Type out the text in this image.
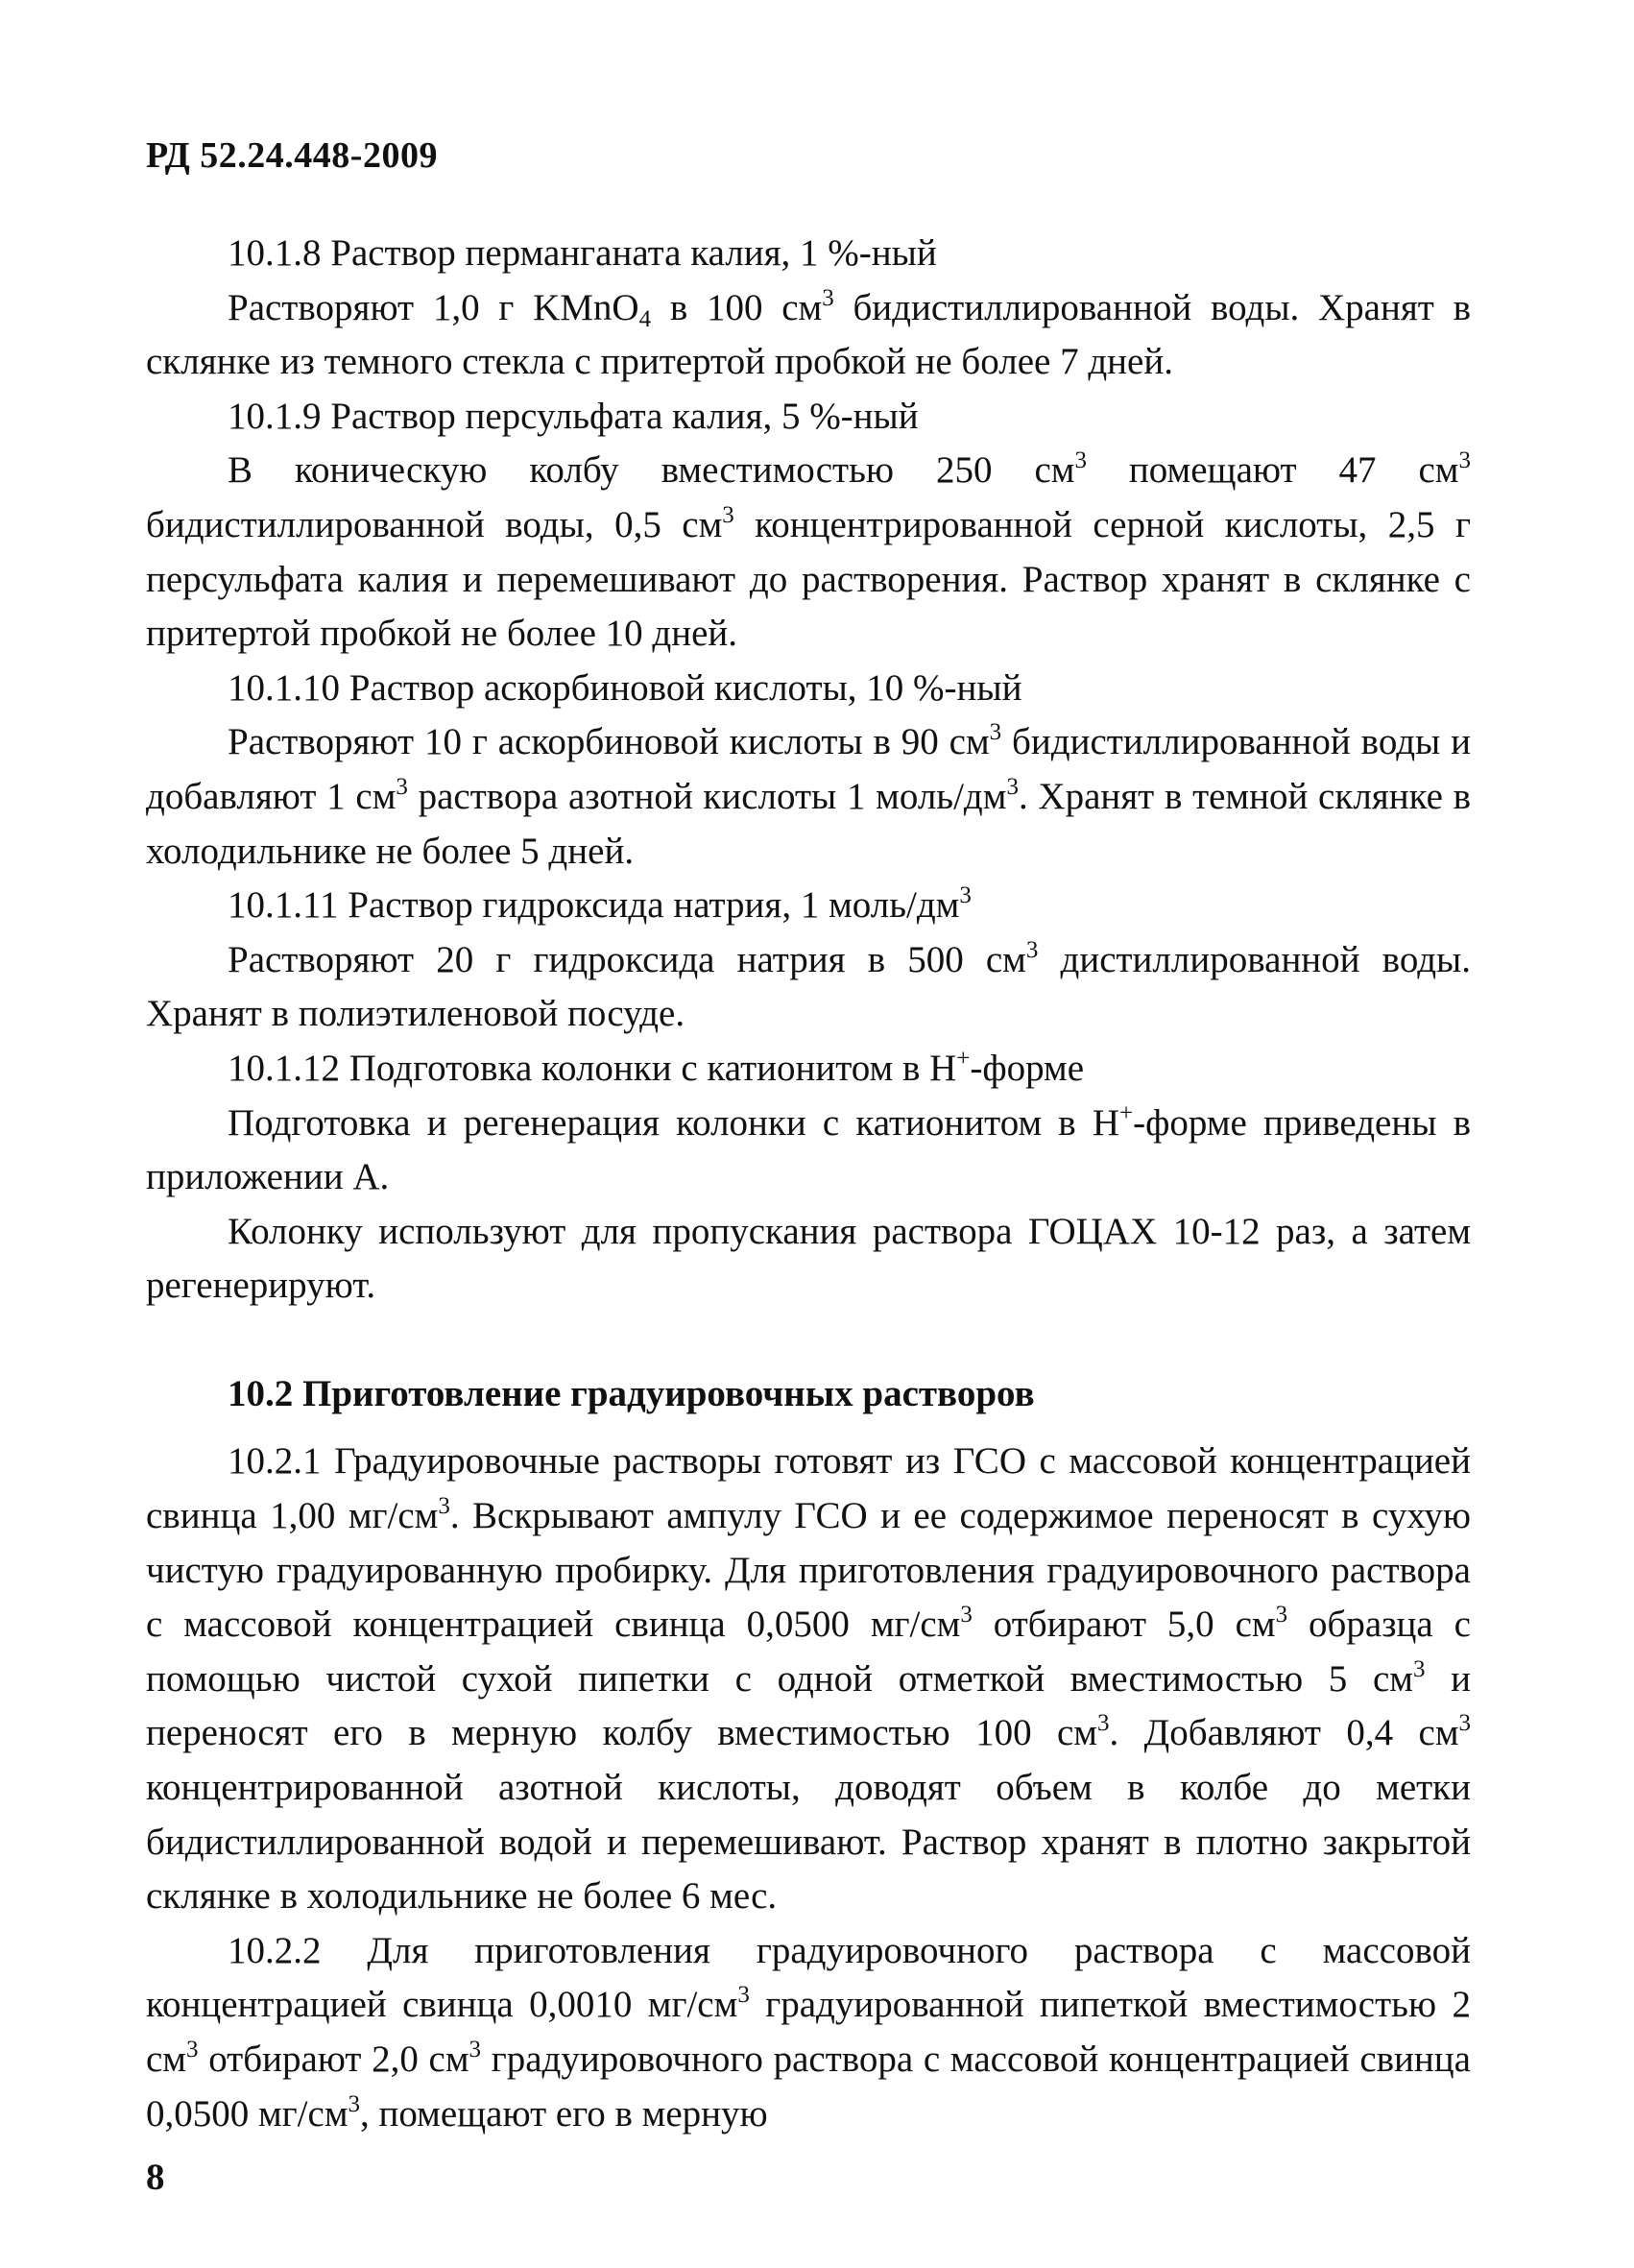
РД 52.24.448-2009

10.1.8 Раствор перманганата калия, 1 %-ный

Растворяют 1,0 г KMnO$_4$ в 100 $см^3$ бидистиллированной воды. Хранят в склянке из темного стекла с притертой пробкой не более 7 дней.

10.1.9 Раствор персульфата калия, 5 %-ный

В коническую колбу вместимостью 250 $см^3$ помещают 47 $см^3$ бидистиллированной воды, 0,5 $см^3$ концентрированной серной кислоты, 2,5 г персульфата калия и перемешивают до растворения. Раствор хранят в склянке с притертой пробкой не более 10 дней.

10.1.10 Раствор аскорбиновой кислоты, 10 %-ный

Растворяют 10 г аскорбиновой кислоты в 90 $см^3$ бидистиллированной воды и добавляют 1 $см^3$ раствора азотной кислоты 1 моль/$дм^3$. Хранят в темной склянке в холодильнике не более 5 дней.

10.1.11 Раствор гидроксида натрия, 1 моль/$дм^3$

Растворяют 20 г гидроксида натрия в 500 $см^3$ дистиллированной воды. Хранят в полиэтиленовой посуде.

10.1.12 Подготовка колонки с катионитом в H+-форме

Подготовка и регенерация колонки с катионитом в H+-форме приведены в приложении А.

Колонку используют для пропускания раствора ГОЦАХ 10-12 раз, а затем регенерируют.

10.2 Приготовление градуировочных растворов

10.2.1 Градуировочные растворы готовят из ГСО с массовой концентрацией свинца 1,00 $мг/см^3$. Вскрывают ампулу ГСО и ее содержимое переносят в сухую чистую градуированную пробирку. Для приготовления градуировочного раствора с массовой концентрацией свинца 0,0500 $мг/см^3$ отбирают 5,0 $см^3$ образца с помощью чистой сухой пипетки с одной отметкой вместимостью 5 $см^3$ и переносят его в мерную колбу вместимостью 100 $см^3$. Добавляют 0,4 $см^3$ концентрированной азотной кислоты, доводят объем в колбе до метки бидистиллированной водой и перемешивают. Раствор хранят в плотно закрытой склянке в холодильнике не более 6 мес.

10.2.2 Для приготовления градуировочного раствора с массовой концентрацией свинца 0,0010 $мг/см^3$ градуированной пипеткой вместимостью 2 $см^3$ отбирают 2,0 $см^3$ градуировочного раствора с массовой концентрацией свинца 0,0500 $мг/см^3$, помещают его в мерную

8
